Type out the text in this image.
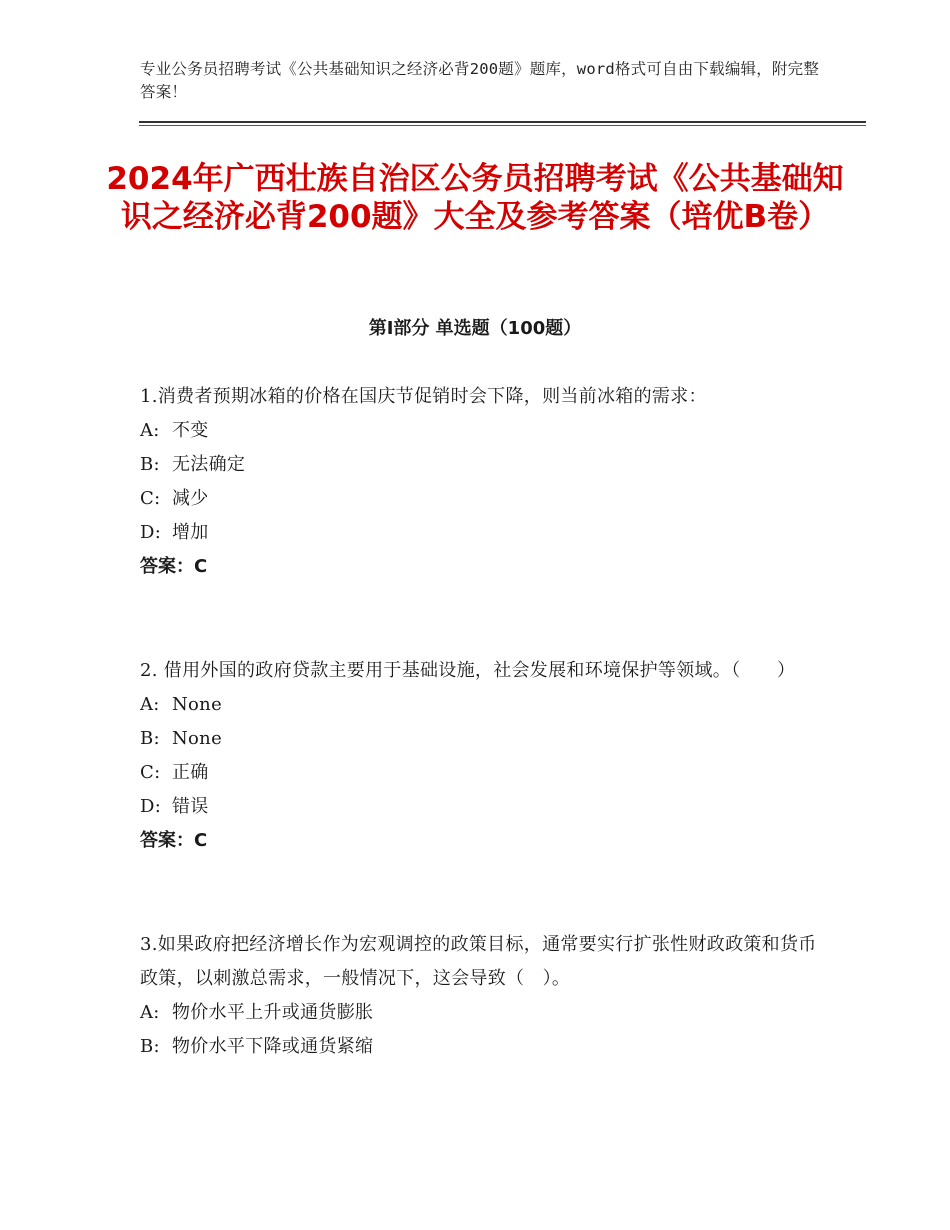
专业公务员招聘考试《公共基础知识之经济必背200题》题库，word格式可自由下载编辑，附完整答案！
2024年广西壮族自治区公务员招聘考试《公共基础知识之经济必背200题》大全及参考答案（培优B卷）
第Ⅰ部分 单选题（100题）

1.消费者预期冰箱的价格在国庆节促销时会下降，则当前冰箱的需求：

A: 不变

B: 无法确定

C: 减少

D: 增加

答案：C

2. 借用外国的政府贷款主要用于基础设施，社会发展和环境保护等领域。（　　）

A: None

B: None

C: 正确

D: 错误

答案：C

3.如果政府把经济增长作为宏观调控的政策目标，通常要实行扩张性财政政策和货币政策，以刺激总需求，一般情况下，这会导致（　）。

A: 物价水平上升或通货膨胀

B: 物价水平下降或通货紧缩
